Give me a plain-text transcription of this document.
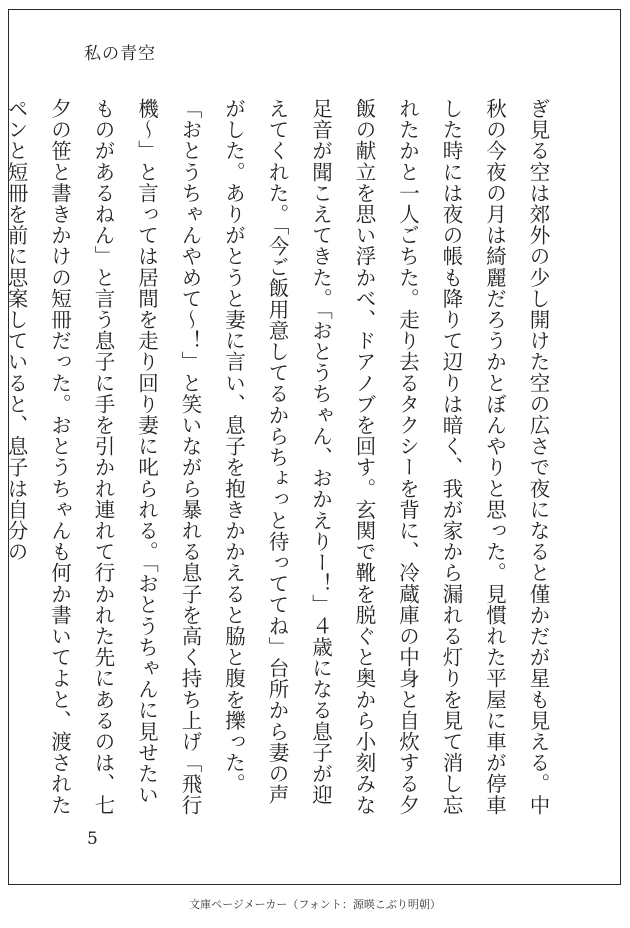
私の青空
ぎ見る空は郊外の少し開けた空の広さで夜になると僅かだが星も見える。中秋の今夜の月は綺麗だろうかとぼんやりと思った。見慣れた平屋に車が停車した時には夜の帳も降りて辺りは暗く、我が家から漏れる灯りを見て消し忘れたかと一人ごちた。走り去るタクシーを背に、冷蔵庫の中身と自炊する夕飯の献立を思い浮かべ、ドアノブを回す。玄関で靴を脱ぐと奥から小刻みな足音が聞こえてきた。「おとうちゃん、おかえりー！」４歳になる息子が迎えてくれた。「今ご飯用意してるからちょっと待っててね」台所から妻の声がした。ありがとうと妻に言い、息子を抱きかかえると脇と腹を擽った。「おとうちゃんやめて～！」と笑いながら暴れる息子を高く持ち上げ「飛行機～」と言っては居間を走り回り妻に叱られる。「おとうちゃんに見せたいものがあるねん」と言う息子に手を引かれ連れて行かれた先にあるのは、七夕の笹と書きかけの短冊だった。おとうちゃんも何か書いてよと、渡されたペンと短冊を前に思案していると、息子は自分の
5
文庫ページメーカー（フォント：源暎こぶり明朝）
